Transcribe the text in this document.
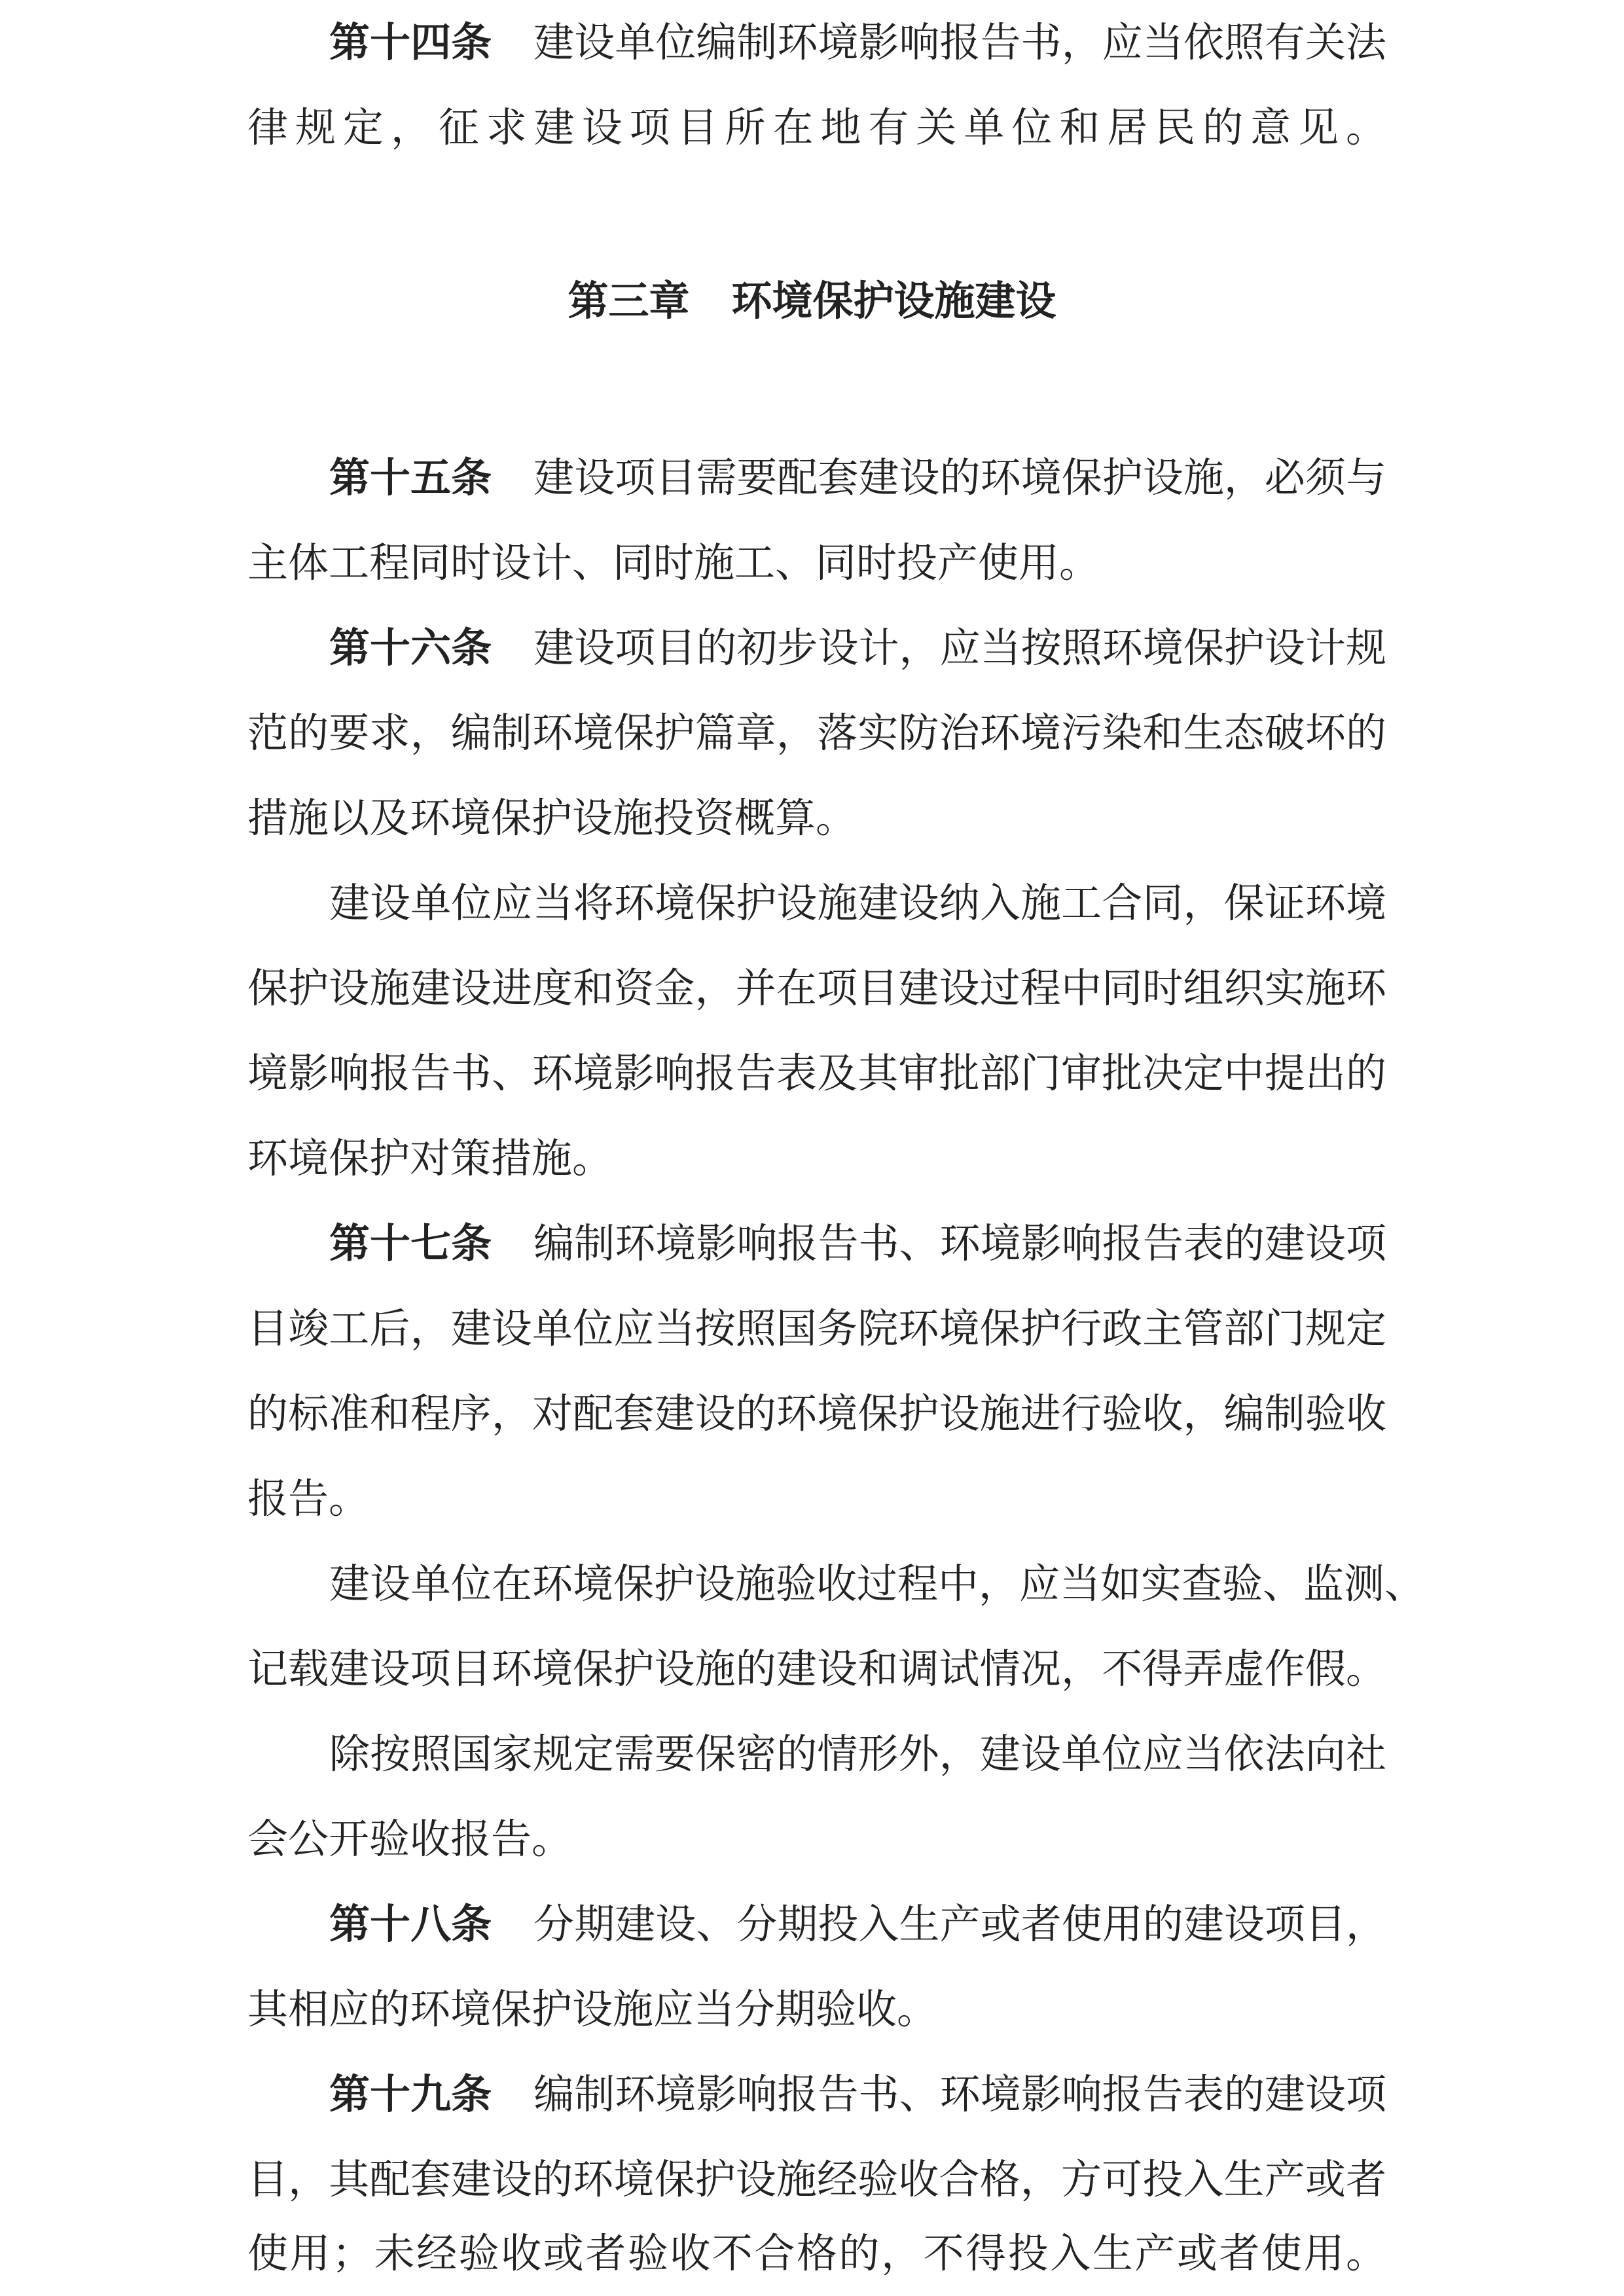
第十四条 建设单位编制环境影响报告书，应当依照有关法
律规定，征求建设项目所在地有关单位和居民的意见。
第三章 环境保护设施建设
第十五条 建设项目需要配套建设的环境保护设施，必须与
主体工程同时设计、同时施工、同时投产使用。
第十六条 建设项目的初步设计，应当按照环境保护设计规
范的要求，编制环境保护篇章，落实防治环境污染和生态破坏的
措施以及环境保护设施投资概算。
建设单位应当将环境保护设施建设纳入施工合同，保证环境
保护设施建设进度和资金，并在项目建设过程中同时组织实施环
境影响报告书、环境影响报告表及其审批部门审批决定中提出的
环境保护对策措施。
第十七条 编制环境影响报告书、环境影响报告表的建设项
目竣工后，建设单位应当按照国务院环境保护行政主管部门规定
的标准和程序，对配套建设的环境保护设施进行验收，编制验收
报告。
建设单位在环境保护设施验收过程中，应当如实查验、监测、
记载建设项目环境保护设施的建设和调试情况，不得弄虚作假。
除按照国家规定需要保密的情形外，建设单位应当依法向社
会公开验收报告。
第十八条 分期建设、分期投入生产或者使用的建设项目，
其相应的环境保护设施应当分期验收。
第十九条 编制环境影响报告书、环境影响报告表的建设项
目，其配套建设的环境保护设施经验收合格，方可投入生产或者
使用；未经验收或者验收不合格的，不得投入生产或者使用。
